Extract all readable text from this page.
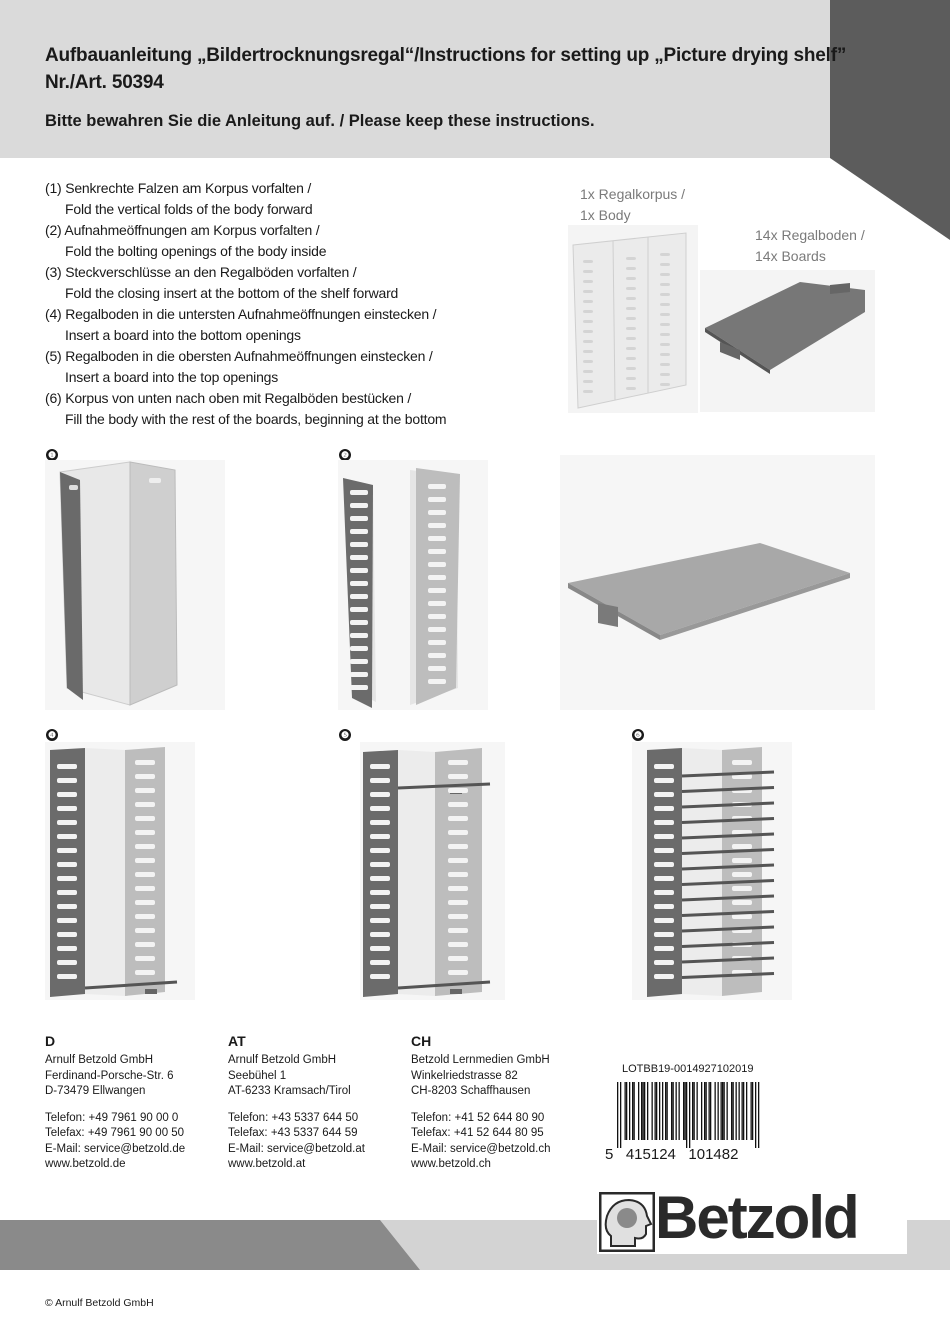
Aufbauanleitung „Bildertrocknungsregal“/Instructions for setting up „Picture drying shelf”
Nr./Art. 50394
Bitte bewahren Sie die Anleitung auf. / Please keep these instructions.
(1) Senkrechte Falzen am Korpus vorfalten /
Fold the vertical folds of the body forward
(2) Aufnahmeöffnungen am Korpus vorfalten /
Fold the bolting openings of the body inside
(3) Steckverschlüsse an den Regalböden vorfalten /
Fold the closing insert at the bottom of the shelf forward
(4) Regalboden in die untersten Aufnahmeöffnungen einstecken /
Insert a board into the bottom openings
(5) Regalboden in die obersten Aufnahmeöffnungen einstecken /
Insert a board into the top openings
(6) Korpus von unten nach oben mit Regalböden bestücken /
Fill the body with the rest of the boards, beginning at the bottom
1x Regalkorpus /
1x Body
14x Regalboden /
14x Boards
❶	❷
❹	❺	❻
D
Arnulf Betzold GmbH
Ferdinand-Porsche-Str. 6
D-73479 Ellwangen
Telefon: +49 7961 90 00 0
Telefax: +49 7961 90 00 50
E-Mail: service@betzold.de
www.betzold.de
AT
Arnulf Betzold GmbH
Seebühel 1
AT-6233 Kramsach/Tirol
Telefon: +43 5337 644 50
Telefax: +43 5337 644 59
E-Mail: service@betzold.at
www.betzold.at
CH
Betzold Lernmedien GmbH
Winkelriedstrasse 82
CH-8203 Schaffhausen
Telefon: +41 52 644 80 90
Telefax: +41 52 644 80 95
E-Mail: service@betzold.ch
www.betzold.ch
LOTBB19-0014927102019
5   415124   101482
Betzold
© Arnulf Betzold GmbH
